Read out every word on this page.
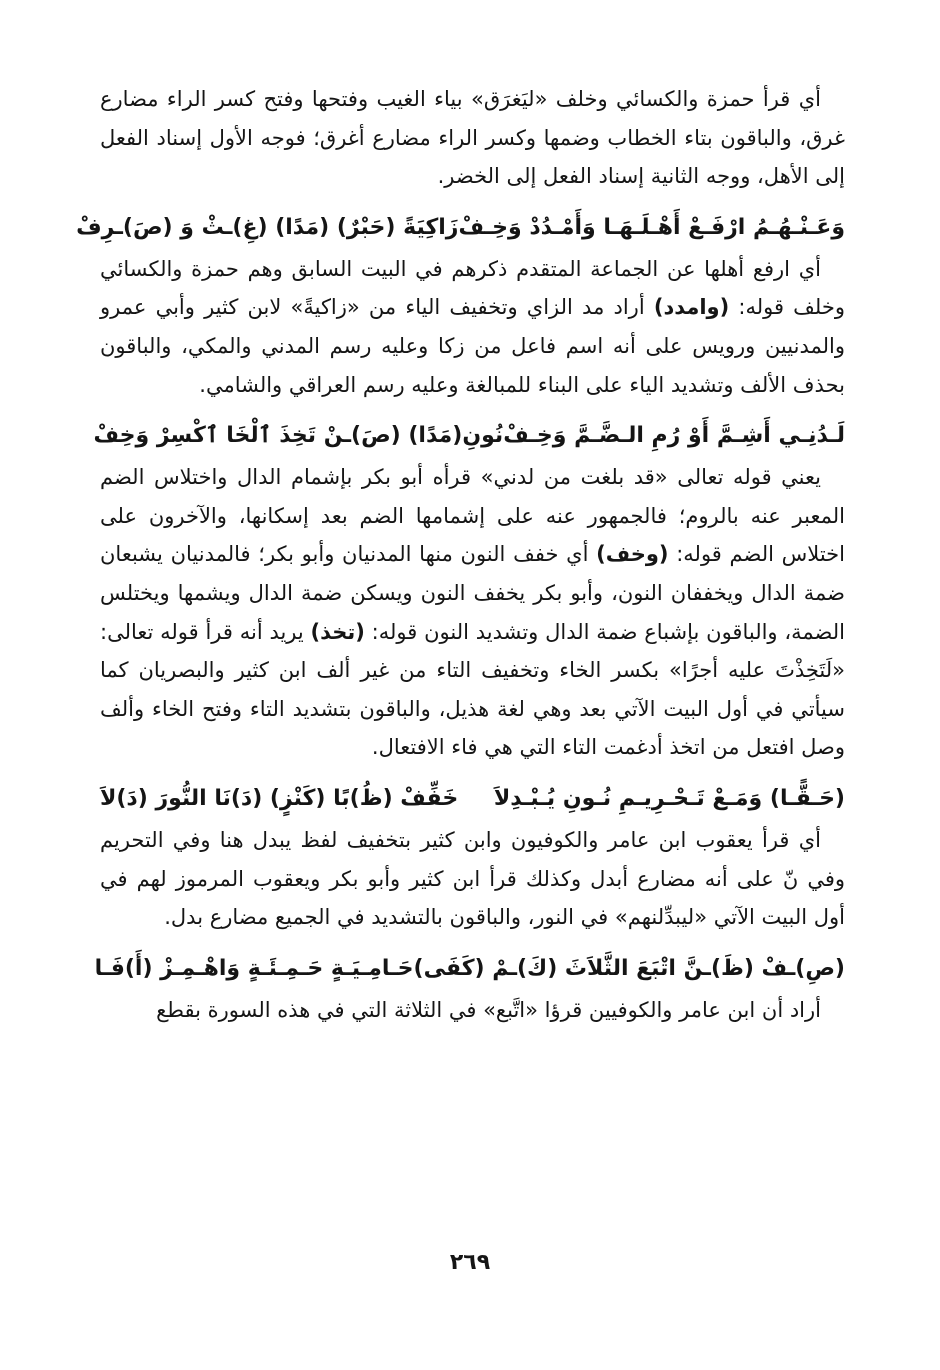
أي قرأ حمزة والكسائي وخلف «ليَغرَق» بياء الغيب وفتحها وفتح كسر الراء مضارع غرق، والباقون بتاء الخطاب وضمها وكسر الراء مضارع أغرق؛ فوجه الأول إسناد الفعل إلى الأهل، ووجه الثانية إسناد الفعل إلى الخضر.

وَعَـنْـهُـمُ ارْفَـعْ أَهْـلَـهَـا وَأَمْـدُدْ وَخِـفْ
زَاكِيَةً (حَبْرٌ) (مَدًا) (غِ)ـثْ وَ (صَ)ـرِفْ

أي ارفع أهلها عن الجماعة المتقدم ذكرهم في البيت السابق وهم حمزة والكسائي وخلف قوله: (وامدد) أراد مد الزاي وتخفيف الياء من «زاكيةً» لابن كثير وأبي عمرو والمدنيين ورويس على أنه اسم فاعل من زكا وعليه رسم المدني والمكي، والباقون بحذف الألف وتشديد الياء على البناء للمبالغة وعليه رسم العراقي والشامي.

لَـدُنِـي أَشِـمَّ أَوْ رُمِ الـضَّـمَّ وَخِـفْ
نُونِ(مَدًا) (صَ)ـنْ تَخِذَ ٱلْخَا ٱكْسِرْ وَخِفْ

يعني قوله تعالى «قد بلغت من لدني» قرأه أبو بكر بإشمام الدال واختلاس الضم المعبر عنه بالروم؛ فالجمهور عنه على إشمامها الضم بعد إسكانها، والآخرون على اختلاس الضم قوله: (وخف) أي خفف النون منها المدنيان وأبو بكر؛ فالمدنيان يشبعان ضمة الدال ويخففان النون، وأبو بكر يخفف النون ويسكن ضمة الدال ويشمها ويختلس الضمة، والباقون بإشباع ضمة الدال وتشديد النون قوله: (تخذ) يريد أنه قرأ قوله تعالى: «لَتَخِذْتَ عليه أجرًا» بكسر الخاء وتخفيف التاء من غير ألف ابن كثير والبصريان كما سيأتي في أول البيت الآتي بعد وهي لغة هذيل، والباقون بتشديد التاء وفتح الخاء وألف وصل افتعل من اتخذ أدغمت التاء التي هي فاء الافتعال.

(حَـقًّـا) وَمَـعْ تَـحْـرِيـمِ نُـونِ يُـبْـدِلاَ
خَفِّفْ (ظُ)بًا (كَنْزٍ) (دَ)نَا النُّورَ (دَ)لاَ

أي قرأ يعقوب ابن عامر والكوفيون وابن كثير بتخفيف لفظ يبدل هنا وفي التحريم وفي نّ على أنه مضارع أبدل وكذلك قرأ ابن كثير وأبو بكر ويعقوب المرموز لهم في أول البيت الآتي «ليبدِّلنهم» في النور، والباقون بالتشديد في الجميع مضارع بدل.

(صِ)ـفْ (ظَ)ـنَّ اتْبَعَ الثَّلاَثَ (كَ)ـمْ (كَفَى)
حَـامِـيَـةٍ حَـمِـئَـةٍ وَاهْـمِـزْ (أَ)فَـا

أراد أن ابن عامر والكوفيين قرؤا «اتَّبع» في الثلاثة التي في هذه السورة بقطع

٢٦٩
